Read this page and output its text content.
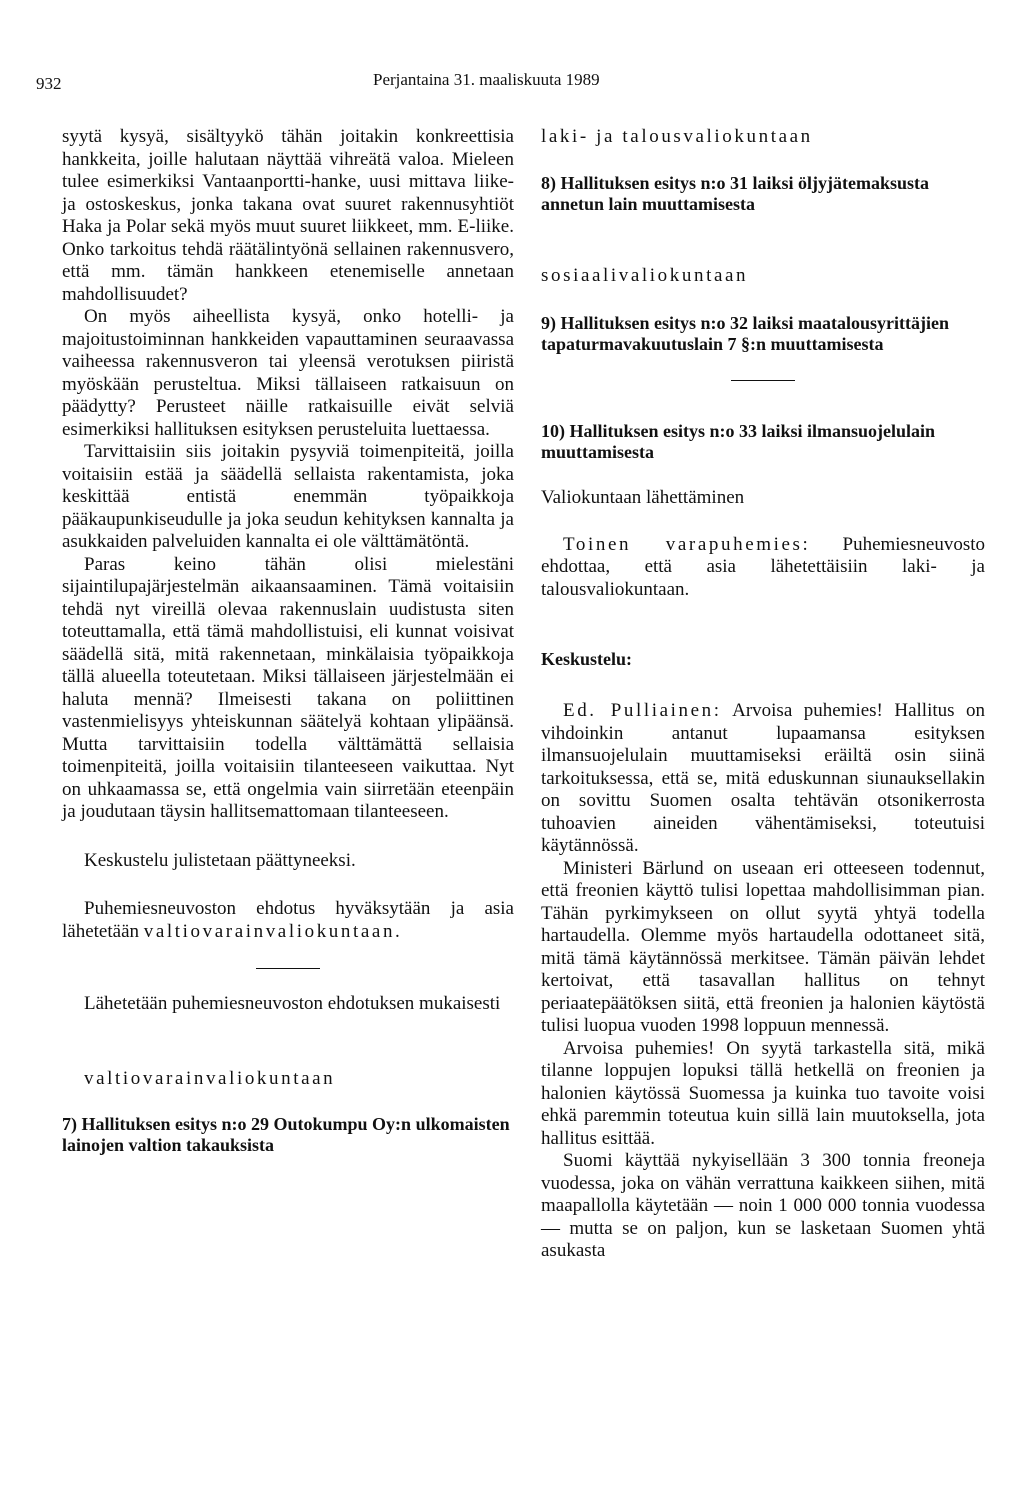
932	Perjantaina 31. maaliskuuta 1989

syytä kysyä, sisältyykö tähän joitakin konkreettisia hankkeita, joille halutaan näyttää vihreätä valoa. Mieleen tulee esimerkiksi Vantaanportti-hanke, uusi mittava liike- ja ostoskeskus, jonka takana ovat suuret rakennusyhtiöt Haka ja Polar sekä myös muut suuret liikkeet, mm. E-liike. Onko tarkoitus tehdä räätälintyönä sellainen rakennusvero, että mm. tämän hankkeen etenemiselle annetaan mahdollisuudet?

On myös aiheellista kysyä, onko hotelli- ja majoitustoiminnan hankkeiden vapauttaminen seuraavassa vaiheessa rakennusveron tai yleensä verotuksen piiristä myöskään perusteltua. Miksi tällaiseen ratkaisuun on päädytty? Perusteet näille ratkaisuille eivät selviä esimerkiksi hallituksen esityksen perusteluita luettaessa.

Tarvittaisiin siis joitakin pysyviä toimenpiteitä, joilla voitaisiin estää ja säädellä sellaista rakentamista, joka keskittää entistä enemmän työpaikkoja pääkaupunkiseudulle ja joka seudun kehityksen kannalta ja asukkaiden palveluiden kannalta ei ole välttämätöntä.

Paras keino tähän olisi mielestäni sijaintilupajärjestelmän aikaansaaminen. Tämä voitaisiin tehdä nyt vireillä olevaa rakennuslain uudistusta siten toteuttamalla, että tämä mahdollistuisi, eli kunnat voisivat säädellä sitä, mitä rakennetaan, minkälaisia työpaikkoja tällä alueella toteutetaan. Miksi tällaiseen järjestelmään ei haluta mennä? Ilmeisesti takana on poliittinen vastenmielisyys yhteiskunnan säätelyä kohtaan ylipäänsä. Mutta tarvittaisiin todella välttämättä sellaisia toimenpiteitä, joilla voitaisiin tilanteeseen vaikuttaa. Nyt on uhkaamassa se, että ongelmia vain siirretään eteenpäin ja joudutaan täysin hallitsemattomaan tilanteeseen.

Keskustelu julistetaan päättyneeksi.

Puhemiesneuvoston ehdotus hyväksytään ja asia lähetetään valtiovarainvaliokuntaan.

Lähetetään puhemiesneuvoston ehdotuksen mukaisesti

valtiovarainvaliokuntaan

7) Hallituksen esitys n:o 29 Outokumpu Oy:n ulkomaisten lainojen valtion takauksista

laki- ja talousvaliokuntaan

8) Hallituksen esitys n:o 31 laiksi öljyjätemaksusta annetun lain muuttamisesta

sosiaalivaliokuntaan

9) Hallituksen esitys n:o 32 laiksi maatalousyrittäjien tapaturmavakuutuslain 7 §:n muuttamisesta

10) Hallituksen esitys n:o 33 laiksi ilmansuojelulain muuttamisesta

Valiokuntaan lähettäminen

Toinen varapuhemies: Puhemiesneuvosto ehdottaa, että asia lähetettäisiin laki- ja talousvaliokuntaan.

Keskustelu:

Ed. Pulliainen: Arvoisa puhemies! Hallitus on vihdoinkin antanut lupaamansa esityksen ilmansuojelulain muuttamiseksi eräiltä osin siinä tarkoituksessa, että se, mitä eduskunnan siunauksellakin on sovittu Suomen osalta tehtävän otsonikerrosta tuhoavien aineiden vähentämiseksi, toteutuisi käytännössä.

Ministeri Bärlund on useaan eri otteeseen todennut, että freonien käyttö tulisi lopettaa mahdollisimman pian. Tähän pyrkimykseen on ollut syytä yhtyä todella hartaudella. Olemme myös hartaudella odottaneet sitä, mitä tämä käytännössä merkitsee. Tämän päivän lehdet kertoivat, että tasavallan hallitus on tehnyt periaatepäätöksen siitä, että freonien ja halonien käytöstä tulisi luopua vuoden 1998 loppuun mennessä.

Arvoisa puhemies! On syytä tarkastella sitä, mikä tilanne loppujen lopuksi tällä hetkellä on freonien ja halonien käytössä Suomessa ja kuinka tuo tavoite voisi ehkä paremmin toteutua kuin sillä lain muutoksella, jota hallitus esittää.

Suomi käyttää nykyisellään 3 300 tonnia freoneja vuodessa, joka on vähän verrattuna kaikkeen siihen, mitä maapallolla käytetään — noin 1 000 000 tonnia vuodessa — mutta se on paljon, kun se lasketaan Suomen yhtä asukasta
